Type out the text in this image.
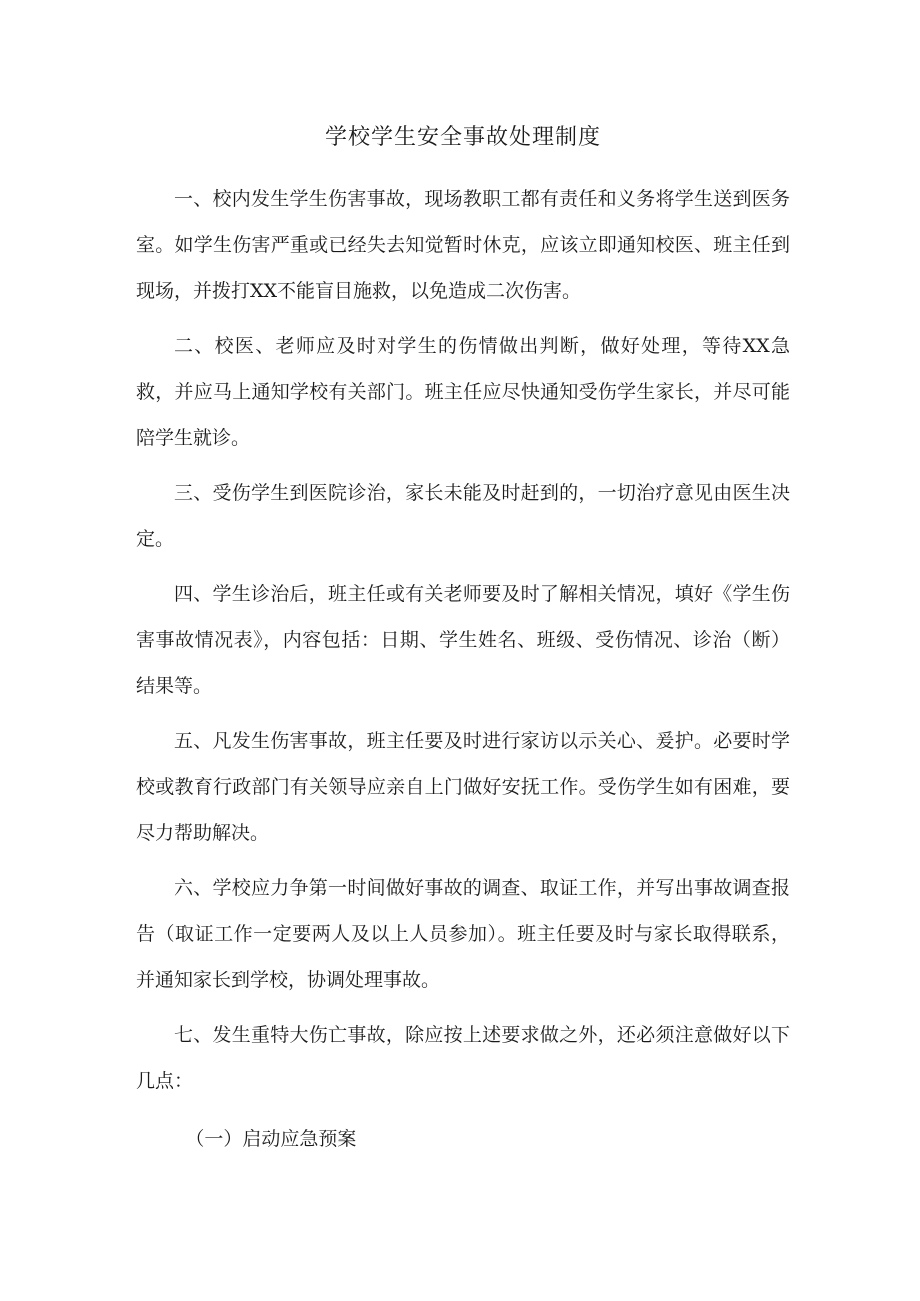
学校学生安全事故处理制度

一、校内发生学生伤害事故，现场教职工都有责任和义务将学生送到医务室。如学生伤害严重或已经失去知觉暂时休克，应该立即通知校医、班主任到现场，并拨打XX不能盲目施救，以免造成二次伤害。

二、校医、老师应及时对学生的伤情做出判断，做好处理，等待XX急救，并应马上通知学校有关部门。班主任应尽快通知受伤学生家长，并尽可能陪学生就诊。

三、受伤学生到医院诊治，家长未能及时赶到的，一切治疗意见由医生决定。

四、学生诊治后，班主任或有关老师要及时了解相关情况，填好《学生伤害事故情况表》，内容包括：日期、学生姓名、班级、受伤情况、诊治（断）结果等。

五、凡发生伤害事故，班主任要及时进行家访以示关心、爰护。必要时学校或教育行政部门有关领导应亲自上门做好安抚工作。受伤学生如有困难，要尽力帮助解决。

六、学校应力争第一时间做好事故的调查、取证工作，并写出事故调查报告（取证工作一定要两人及以上人员参加）。班主任要及时与家长取得联系，并通知家长到学校，协调处理事故。

七、发生重特大伤亡事故，除应按上述要求做之外，还必须注意做好以下几点：

（一）启动应急预案
